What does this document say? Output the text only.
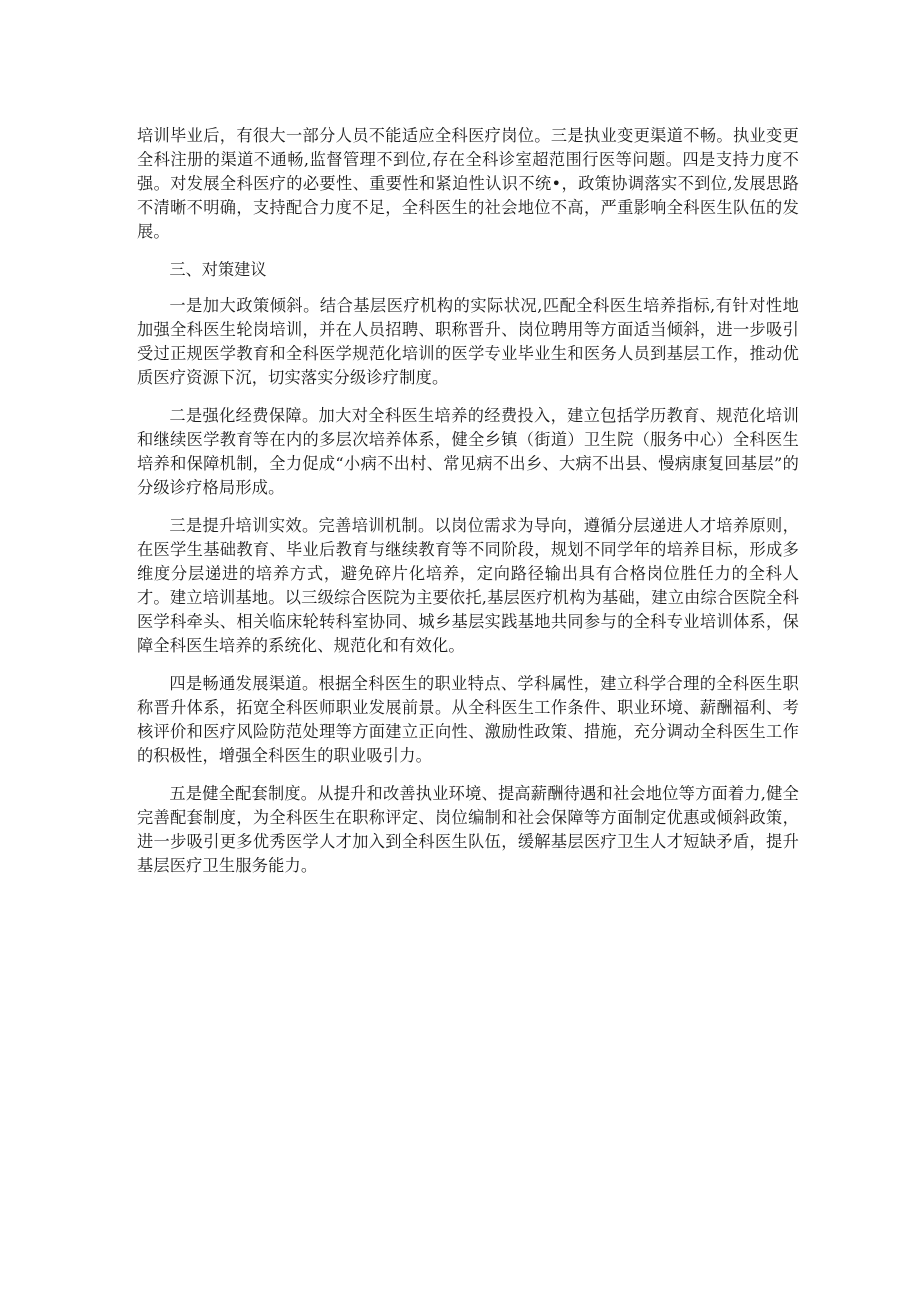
培训毕业后，有很大一部分人员不能适应全科医疗岗位。三是执业变更渠道不畅。执业变更全科注册的渠道不通畅,监督管理不到位,存在全科诊室超范围行医等问题。四是支持力度不强。对发展全科医疗的必要性、重要性和紧迫性认识不统•，政策协调落实不到位,发展思路不清晰不明确，支持配合力度不足，全科医生的社会地位不高，严重影响全科医生队伍的发展。

三、对策建议

一是加大政策倾斜。结合基层医疗机构的实际状况,匹配全科医生培养指标,有针对性地加强全科医生轮岗培训，并在人员招聘、职称晋升、岗位聘用等方面适当倾斜，进一步吸引受过正规医学教育和全科医学规范化培训的医学专业毕业生和医务人员到基层工作，推动优质医疗资源下沉，切实落实分级诊疗制度。

二是强化经费保障。加大对全科医生培养的经费投入，建立包括学历教育、规范化培训和继续医学教育等在内的多层次培养体系，健全乡镇（街道）卫生院（服务中心）全科医生培养和保障机制，全力促成“小病不出村、常见病不出乡、大病不出县、慢病康复回基层”的分级诊疗格局形成。

三是提升培训实效。完善培训机制。以岗位需求为导向，遵循分层递进人才培养原则，在医学生基础教育、毕业后教育与继续教育等不同阶段，规划不同学年的培养目标，形成多维度分层递进的培养方式，避免碎片化培养，定向路径输出具有合格岗位胜任力的全科人才。建立培训基地。以三级综合医院为主要依托,基层医疗机构为基础，建立由综合医院全科医学科牵头、相关临床轮转科室协同、城乡基层实践基地共同参与的全科专业培训体系，保障全科医生培养的系统化、规范化和有效化。

四是畅通发展渠道。根据全科医生的职业特点、学科属性，建立科学合理的全科医生职称晋升体系，拓宽全科医师职业发展前景。从全科医生工作条件、职业环境、薪酬福利、考核评价和医疗风险防范处理等方面建立正向性、激励性政策、措施，充分调动全科医生工作的积极性，增强全科医生的职业吸引力。

五是健全配套制度。从提升和改善执业环境、提高薪酬待遇和社会地位等方面着力,健全完善配套制度，为全科医生在职称评定、岗位编制和社会保障等方面制定优惠或倾斜政策，进一步吸引更多优秀医学人才加入到全科医生队伍，缓解基层医疗卫生人才短缺矛盾，提升基层医疗卫生服务能力。
